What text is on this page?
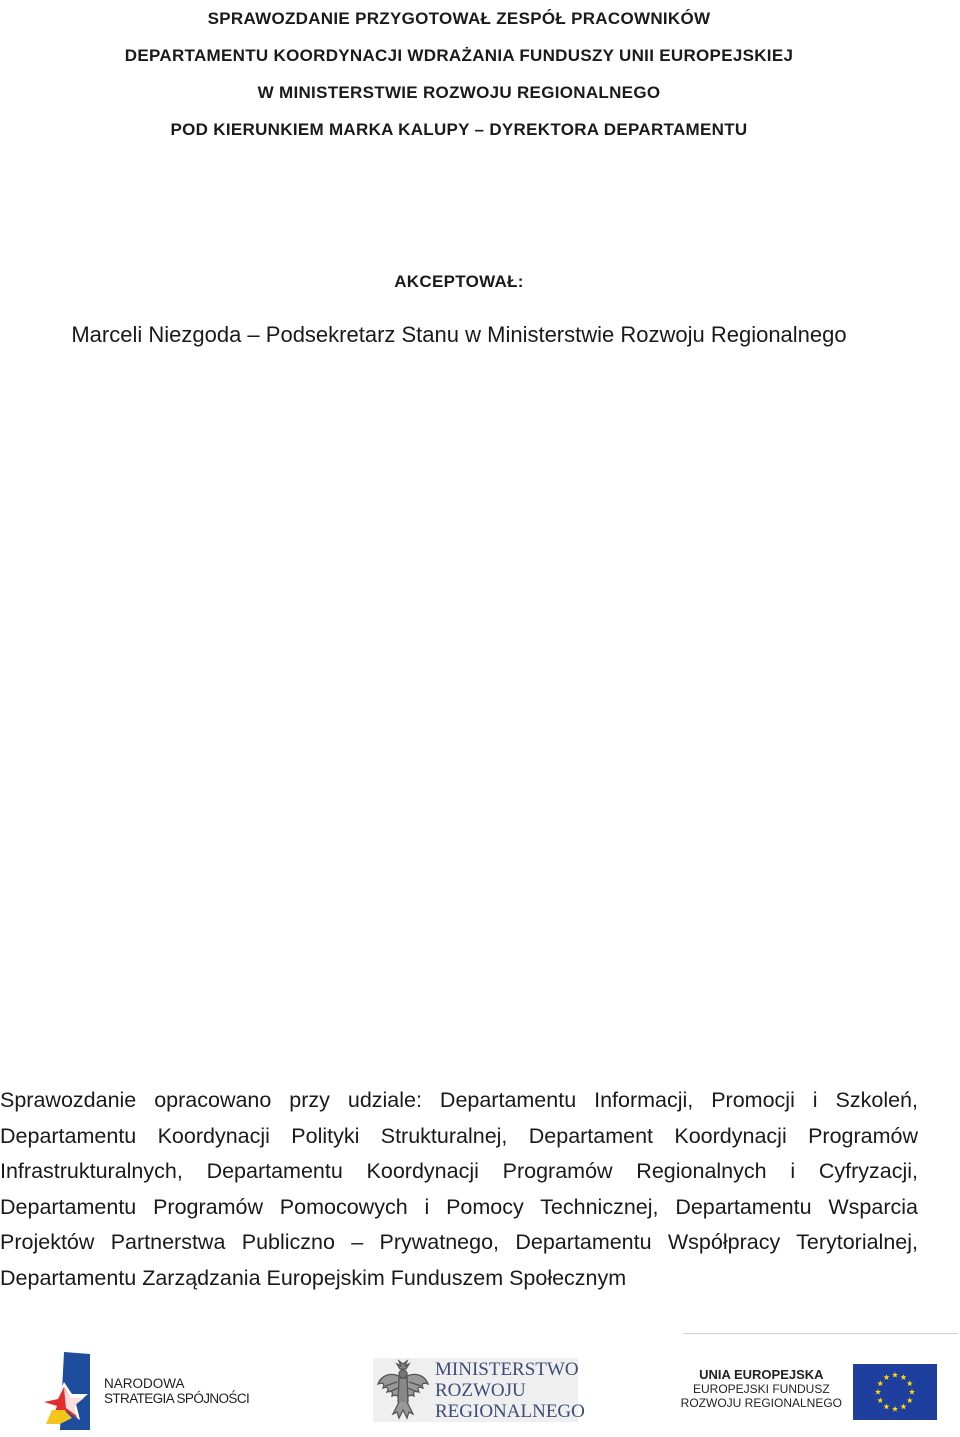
SPRAWOZDANIE PRZYGOTOWAŁ ZESPÓŁ PRACOWNIKÓW
DEPARTAMENTU KOORDYNACJI WDRAŻANIA FUNDUSZY UNII EUROPEJSKIEJ
W MINISTERSTWIE ROZWOJU REGIONALNEGO
POD KIERUNKIEM MARKA KALUPY – DYREKTORA DEPARTAMENTU
AKCEPTOWAŁ:
Marceli Niezgoda – Podsekretarz Stanu w Ministerstwie Rozwoju Regionalnego
Sprawozdanie opracowano przy udziale: Departamentu Informacji, Promocji i Szkoleń, Departamentu Koordynacji Polityki Strukturalnej, Departament Koordynacji Programów Infrastrukturalnych, Departamentu Koordynacji Programów Regionalnych i Cyfryzacji, Departamentu Programów Pomocowych i Pomocy Technicznej, Departamentu Wsparcia Projektów Partnerstwa Publiczno – Prywatnego, Departamentu Współpracy Terytorialnej, Departamentu Zarządzania Europejskim Funduszem Społecznym
NARODOWA
STRATEGIA SPÓJNOŚCI
MINISTERSTWO
ROZWOJU
REGIONALNEGO
UNIA EUROPEJSKA
EUROPEJSKI FUNDUSZ
ROZWOJU REGIONALNEGO
